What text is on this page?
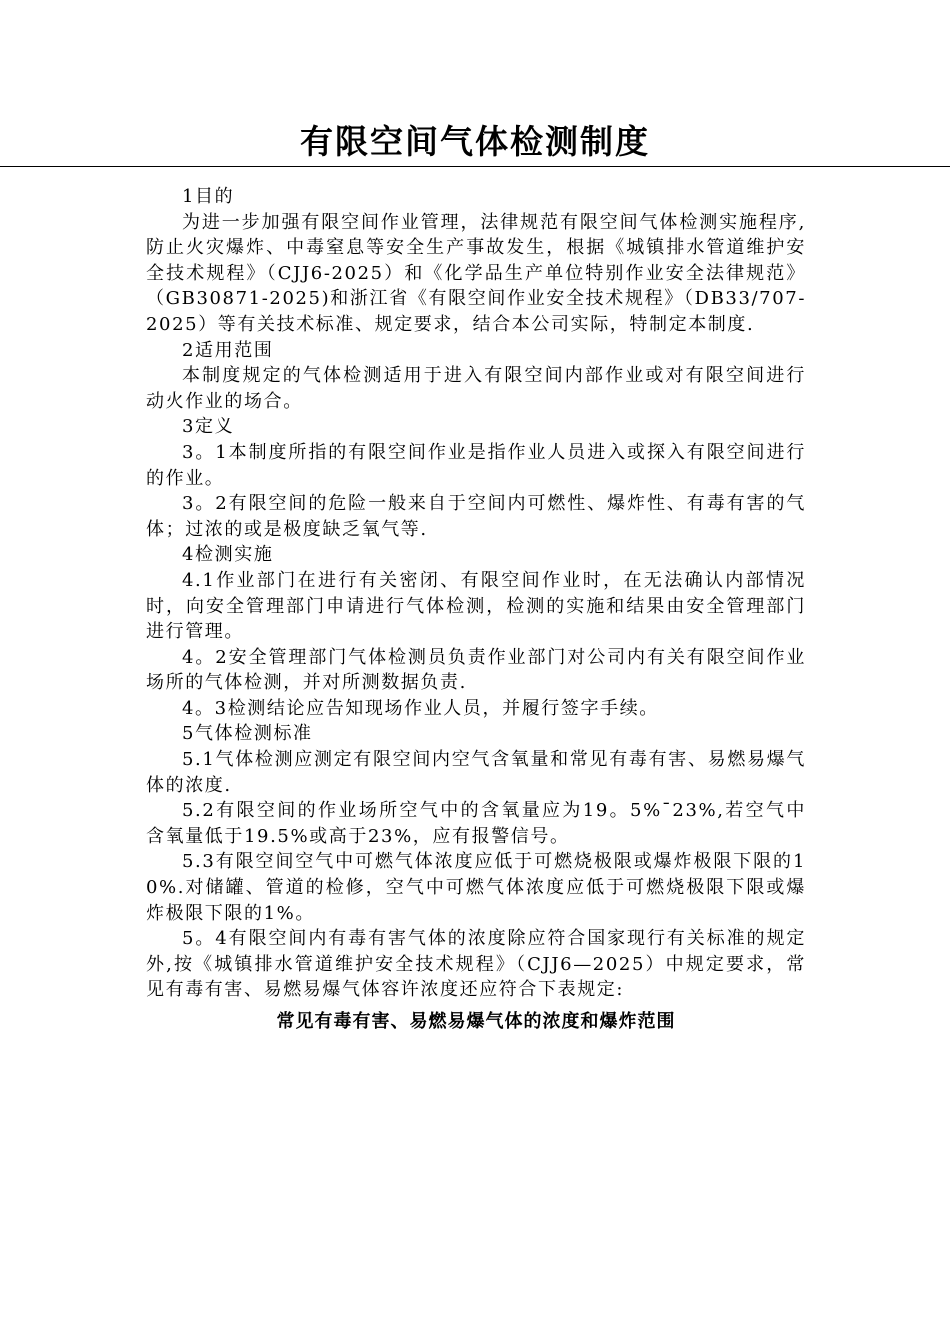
有限空间气体检测制度

1目的

为进一步加强有限空间作业管理，法律规范有限空间气体检测实施程序,防止火灾爆炸、中毒窒息等安全生产事故发生，根据《城镇排水管道维护安全技术规程》（CJJ6-2025）和《化学品生产单位特别作业安全法律规范》（GB30871-2025)和浙江省《有限空间作业安全技术规程》（DB33/707-2025）等有关技术标准、规定要求，结合本公司实际，特制定本制度.

2适用范围

本制度规定的气体检测适用于进入有限空间内部作业或对有限空间进行动火作业的场合。

3定义

3。1本制度所指的有限空间作业是指作业人员进入或探入有限空间进行的作业。

3。2有限空间的危险一般来自于空间内可燃性、爆炸性、有毒有害的气体；过浓的或是极度缺乏氧气等.

4检测实施

4.1作业部门在进行有关密闭、有限空间作业时，在无法确认内部情况时，向安全管理部门申请进行气体检测，检测的实施和结果由安全管理部门进行管理。

4。2安全管理部门气体检测员负责作业部门对公司内有关有限空间作业场所的气体检测，并对所测数据负责.

4。3检测结论应告知现场作业人员，并履行签字手续。

5气体检测标准

5.1气体检测应测定有限空间内空气含氧量和常见有毒有害、易燃易爆气体的浓度.

5.2有限空间的作业场所空气中的含氧量应为19。5%¯23%,若空气中含氧量低于19.5%或高于23%，应有报警信号。

5.3有限空间空气中可燃气体浓度应低于可燃烧极限或爆炸极限下限的10%.对储罐、管道的检修，空气中可燃气体浓度应低于可燃烧极限下限或爆炸极限下限的1%。

5。4有限空间内有毒有害气体的浓度除应符合国家现行有关标准的规定外,按《城镇排水管道维护安全技术规程》（CJJ6—2025）中规定要求，常见有毒有害、易燃易爆气体容许浓度还应符合下表规定:

常见有毒有害、易燃易爆气体的浓度和爆炸范围
